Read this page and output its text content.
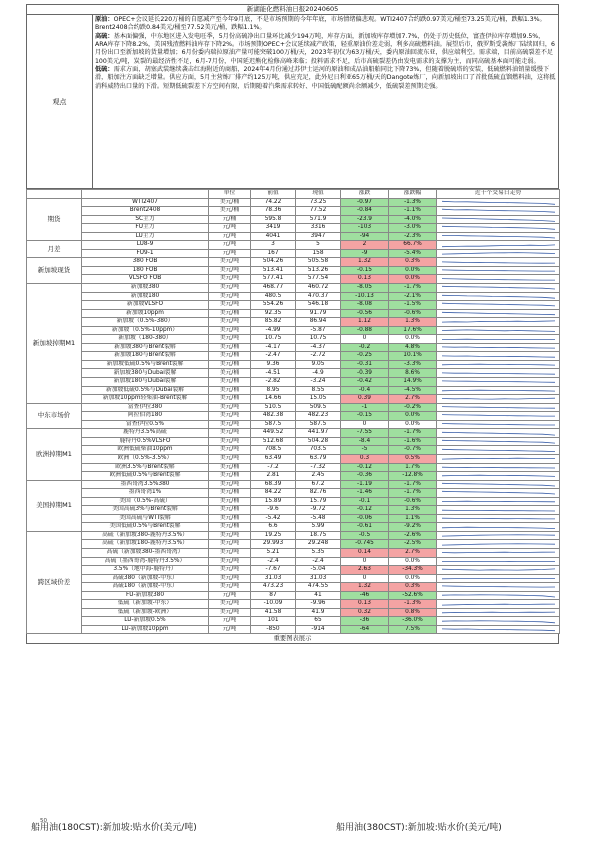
新湖能化燃料油日报20240605
观点

原油：OPEC+会议延长220万桶的自愿减产至今年9月底，不是市场预期的今年年底，市场情绪偏悲观。WTI2407合约跌0.97美元/桶至73.25美元/桶，跌幅1.3%。Brent2408合约跌0.84美元/桶至77.52美元/桶，跌幅1.1%。

高硫：基本面偏强，中东地区进入发电旺季，5月份高硫净出口量环比减少194万吨，库存方面，新加坡库存增加7.7%，仍处于历史低位，富查伊拉库存增加9.5%，ARA库存下降8.2%，美国残渣燃料油库存下降2%。市场预期OPEC+会议延续减产政策，轻重原油价差走弱，利多高硫燃料油。展望后市，俄罗斯受袭炼厂陆续回归，6月份出口至新加坡的货量增加；6月份委内瑞拉原油产量可能突破100万桶/天，2023年初仅为63万桶/天，委内原油回流东亚，供应端利空。需求端，目前高硫裂差不足100美元/吨，炭裂的最经济性不足，6月-7月份，中国延迟熊化检修高峰来临；投料需求不足，后市高硫裂差仍由发电需求的支撑为主，而同高硫基本面可能走弱。

低硫：需求方面，胡塞武装继续袭击红海附近的商船，2024年4月份通过苏伊士运河的原油和成品油船舶同比下降73%，但随着脱硫塔的安装，低硫燃料油销量缓慢下滑，船加注方面缺乏增量。供应方面，5月主营炼厂排产约125万吨，供应充足，此外尼日利亚65万桶/天的Dangote炼厂，向新加坡出口了首批低硫直馏燃料油，这将抵消科威特出口量的下滑。短期低硫裂差下方空间有限，后期随着汽柴需求转好、中国低硫配额尚余额减少，低硫裂差预期走强。

		单位	前值	现值	涨跌	涨跌幅	近十个交易日走势
期货	WTI2407	美元/桶	74.22	73.25	-0.97	-1.3%	

	Brent2408	美元/桶	78.36	77.52	-0.84	-1.1%	

	SC主力	元/桶	595.8	571.9	-23.9	-4.0%	

	FU主力	元/吨	3419	3316	-103	-3.0%	

	LU主力	元/吨	4041	3947	-94	-2.3%	

月差	LU8-9	元/吨	3	5	2	66.7%	

	FU9-1	元/吨	167	158	-9	-5.4%	

新加坡现货	380 FOB	美元/吨	504.26	505.58	1.32	0.3%	

	180 FOB	美元/吨	513.41	513.26	-0.15	0.0%	

	VLSFO FOB	美元/吨	577.41	577.54	0.13	0.0%	

新加坡掉期M1	新加坡380	美元/吨	468.77	460.72	-8.05	-1.7%	

	新加坡180	美元/吨	480.5	470.37	-10.13	-2.1%	

	新加坡VLSFO	美元/吨	554.26	546.18	-8.08	-1.5%	

	新加坡10ppm	美元/桶	92.35	91.79	-0.56	-0.6%	

	新加坡（0.5%-380）	美元/吨	85.82	86.94	1.12	1.3%	

	新加坡（0.5%-10ppm）	美元/吨	-4.99	-5.87	-0.88	17.6%	

	新加坡（180-380）	美元/吨	10.75	10.75	0	0.0%	

	新加坡380与Brent裂解	美元/桶	-4.17	-4.37	-0.2	4.8%	

	新加坡180与Brent裂解	美元/桶	-2.47	-2.72	-0.25	10.1%	

	新加坡低硫0.5%与Brent裂解	美元/桶	9.36	9.05	-0.31	-3.3%	

	新加坡380与Dubai裂解	美元/桶	-4.51	-4.9	-0.39	8.6%	

	新加坡180与Dubai裂解	美元/桶	-2.82	-3.24	-0.42	14.9%	

	新加坡低硫0.5%与Dubai裂解	美元/桶	8.95	8.55	-0.4	-4.5%	

	新加坡10ppm轻柴油-Brent裂解	美元/桶	14.66	15.05	0.39	2.7%	

中东市场价	富查伊拉380	美元/吨	510.5	509.5	-1	-0.2%	

	阿拉伯湾180	美元/吨	482.38	482.23	-0.15	0.0%	

	富查伊拉0.5%	美元/吨	587.5	587.5	0	0.0%	

欧洲掉期M1	鹿特丹3.5%高硫	美元/吨	449.52	441.97	-7.55	-1.7%	

	鹿特丹0.5%VLSFO	美元/吨	512.68	504.28	-8.4	-1.6%	

	欧洲低硫柴油10ppm	美元/吨	708.5	703.5	-5	-0.7%	

	欧洲（0.5%-3.5%）	美元/吨	63.49	63.79	0.3	0.5%	

	欧洲3.5%与Brent裂解	美元/桶	-7.2	-7.32	-0.12	1.7%	

	欧洲低硫0.5%与Brent裂解	美元/桶	2.81	2.45	-0.36	-12.8%	

美国掉期M1	墨西哥湾3.5%380	美元/吨	68.39	67.2	-1.19	-1.7%	

	墨西哥湾1%	美元/桶	84.22	82.76	-1.46	-1.7%	

	美国（0.5%-高硫）	美元/桶	15.89	15.79	-0.1	-0.6%	

	美国高硫3%与Brent裂解	美元/桶	-9.6	-9.72	-0.12	1.3%	

	美国高硫与WTI裂解	美元/桶	-5.42	-5.48	-0.06	1.1%	

	美国低硫0.5%与Brent裂解	美元/桶	6.6	5.99	-0.61	-9.2%	

跨区域价差	高硫（新加坡380-鹿特丹3.5%）	美元/吨	19.25	18.75	-0.5	-2.6%	

	高硫（新加坡180-鹿特丹3.5%）	美元/吨	29.993	29.248	-0.745	-2.5%	

	高硫（新加坡380-墨西哥湾）	美元/吨	5.21	5.35	0.14	2.7%	

	高硫（墨西哥湾-鹿特丹3.5%）	美元/吨	-2.4	-2.4	0	0.0%	

	3.5%（地中海-鹿特丹）	美元/吨	-7.67	-5.04	2.63	-34.3%	

	高硫380（新加坡-中东）	美元/吨	31.03	31.03	0	0.0%	

	高硫180（新加坡-中东）	美元/吨	473.23	474.55	1.32	0.3%	

	FU-新加坡380	元/吨	87	41	-46	-52.6%	

	低硫（新加坡-中东）	美元/吨	-10.09	-9.96	0.13	-1.3%	

	低硫（新加坡-欧洲）	美元/吨	41.58	41.9	0.32	0.8%	

	LU-新加坡0.5%	元/吨	101	65	-36	-36.0%	

	LU-新加坡10ppm	元/吨	-850	-914	-64	7.5%	
重要图表展示
船用油(180CST):新加坡:贴水价(美元/吨)	船用油(380CST):新加坡:贴水价(美元/吨)
50
